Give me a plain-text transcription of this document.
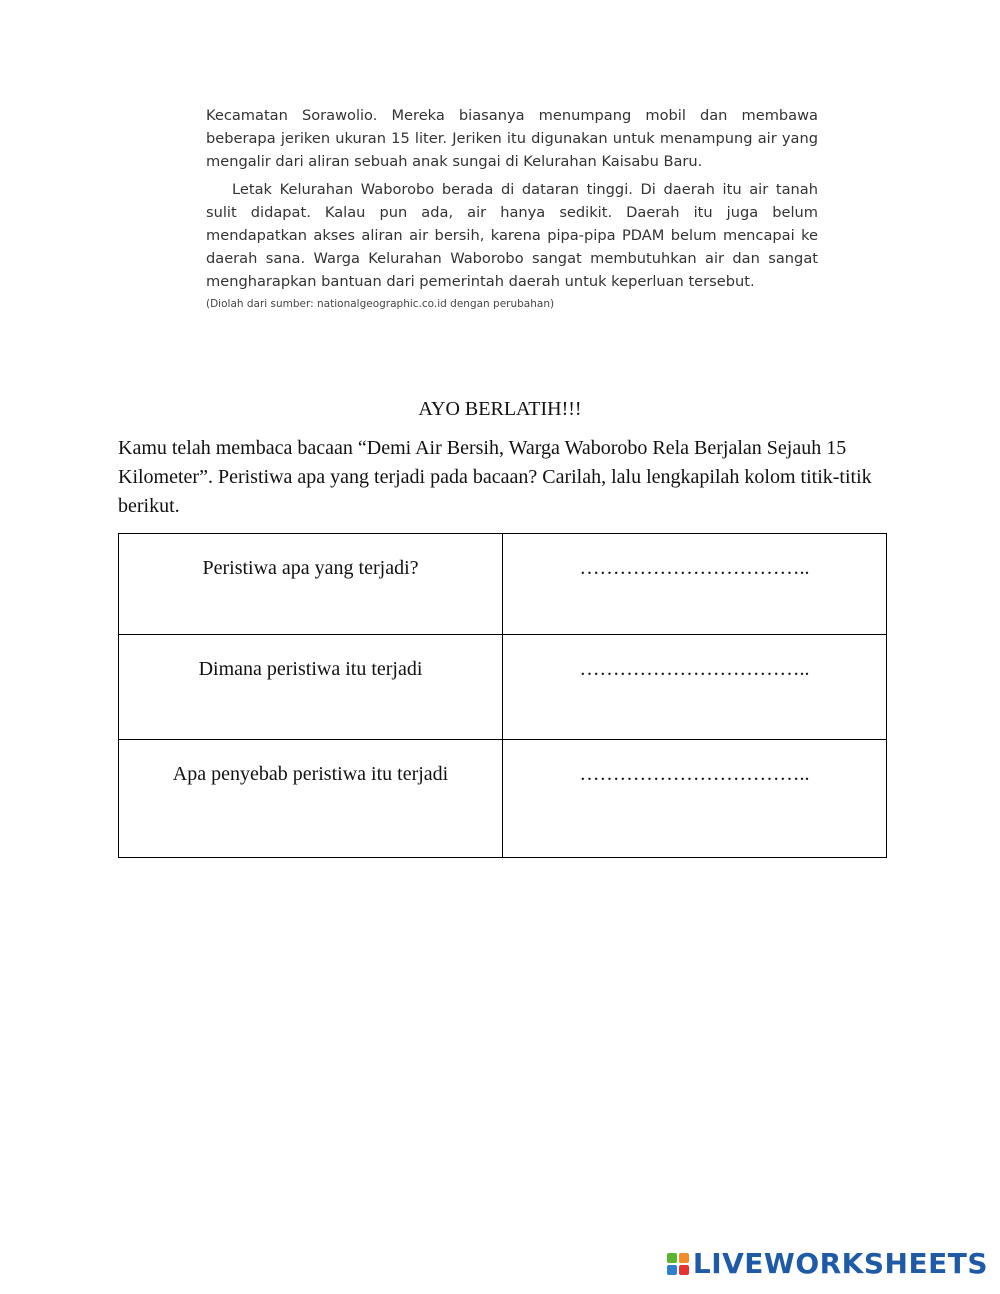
Kecamatan Sorawolio. Mereka biasanya menumpang mobil dan membawa beberapa jeriken ukuran 15 liter. Jeriken itu digunakan untuk menampung air yang mengalir dari aliran sebuah anak sungai di Kelurahan Kaisabu Baru.

Letak Kelurahan Waborobo berada di dataran tinggi. Di daerah itu air tanah sulit didapat. Kalau pun ada, air hanya sedikit. Daerah itu juga belum mendapatkan akses aliran air bersih, karena pipa-pipa PDAM belum mencapai ke daerah sana. Warga Kelurahan Waborobo sangat membutuhkan air dan sangat mengharapkan bantuan dari pemerintah daerah untuk keperluan tersebut.

(Diolah dari sumber: nationalgeographic.co.id dengan perubahan)

AYO BERLATIH!!!
Kamu telah membaca bacaan “Demi Air Bersih, Warga Waborobo Rela Berjalan Sejauh 15 Kilometer”. Peristiwa apa yang terjadi pada bacaan? Carilah, lalu lengkapilah kolom titik-titik berikut.
Peristiwa apa yang terjadi?	……………………………..
Dimana peristiwa itu terjadi	……………………………..
Apa penyebab peristiwa itu terjadi	……………………………..
LIVEWORKSHEETS
